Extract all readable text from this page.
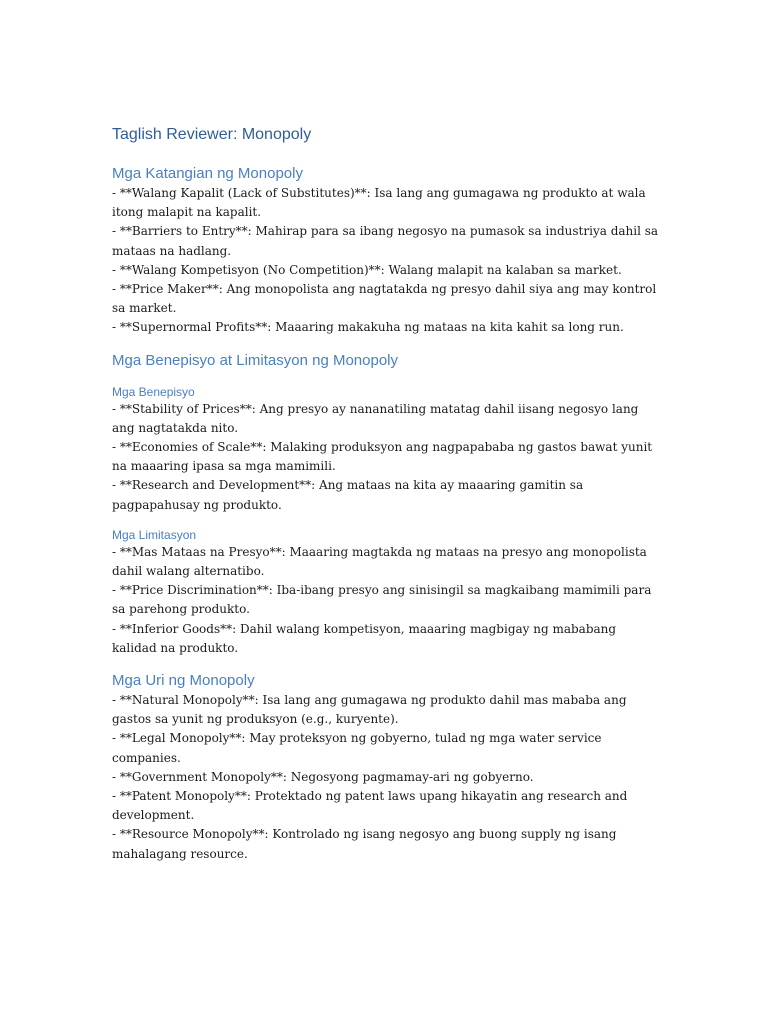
Taglish Reviewer: Monopoly
Mga Katangian ng Monopoly

- **Walang Kapalit (Lack of Substitutes)**: Isa lang ang gumagawa ng produkto at wala itong malapit na kapalit.

- **Barriers to Entry**: Mahirap para sa ibang negosyo na pumasok sa industriya dahil sa mataas na hadlang.

- **Walang Kompetisyon (No Competition)**: Walang malapit na kalaban sa market.

- **Price Maker**: Ang monopolista ang nagtatakda ng presyo dahil siya ang may kontrol sa market.

- **Supernormal Profits**: Maaaring makakuha ng mataas na kita kahit sa long run.

Mga Benepisyo at Limitasyon ng Monopoly
Mga Benepisyo

- **Stability of Prices**: Ang presyo ay nananatiling matatag dahil iisang negosyo lang ang nagtatakda nito.

- **Economies of Scale**: Malaking produksyon ang nagpapababa ng gastos bawat yunit na maaaring ipasa sa mga mamimili.

- **Research and Development**: Ang mataas na kita ay maaaring gamitin sa pagpapahusay ng produkto.

Mga Limitasyon

- **Mas Mataas na Presyo**: Maaaring magtakda ng mataas na presyo ang monopolista dahil walang alternatibo.

- **Price Discrimination**: Iba-ibang presyo ang sinisingil sa magkaibang mamimili para sa parehong produkto.

- **Inferior Goods**: Dahil walang kompetisyon, maaaring magbigay ng mababang kalidad na produkto.

Mga Uri ng Monopoly

- **Natural Monopoly**: Isa lang ang gumagawa ng produkto dahil mas mababa ang gastos sa yunit ng produksyon (e.g., kuryente).

- **Legal Monopoly**: May proteksyon ng gobyerno, tulad ng mga water service companies.

- **Government Monopoly**: Negosyong pagmamay-ari ng gobyerno.

- **Patent Monopoly**: Protektado ng patent laws upang hikayatin ang research and development.

- **Resource Monopoly**: Kontrolado ng isang negosyo ang buong supply ng isang mahalagang resource.
